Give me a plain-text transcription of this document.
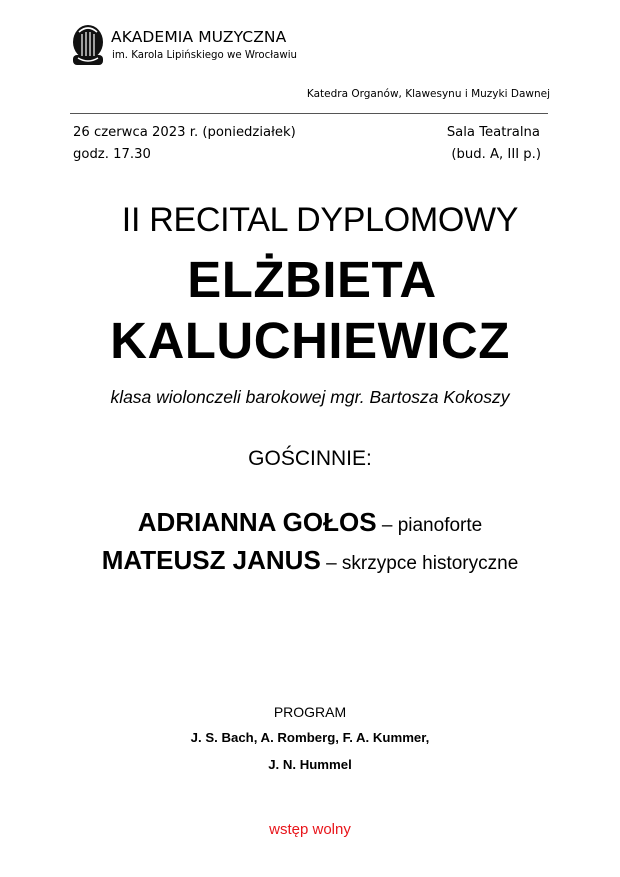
AKADEMIA MUZYCZNA
im. Karola Lipińskiego we Wrocławiu
Katedra Organów, Klawesynu i Muzyki Dawnej
26 czerwca 2023 r. (poniedziałek)
godz. 17.30
Sala Teatralna
(bud. A, III p.)
II RECITAL DYPLOMOWY
ELŻBIETA
KALUCHIEWICZ
klasa wiolonczeli barokowej mgr. Bartosza Kokoszy
GOŚCINNIE:
ADRIANNA GOŁOS – pianoforte
MATEUSZ JANUS – skrzypce historyczne
PROGRAM
J. S. Bach, A. Romberg, F. A. Kummer,
J. N. Hummel
wstęp wolny
